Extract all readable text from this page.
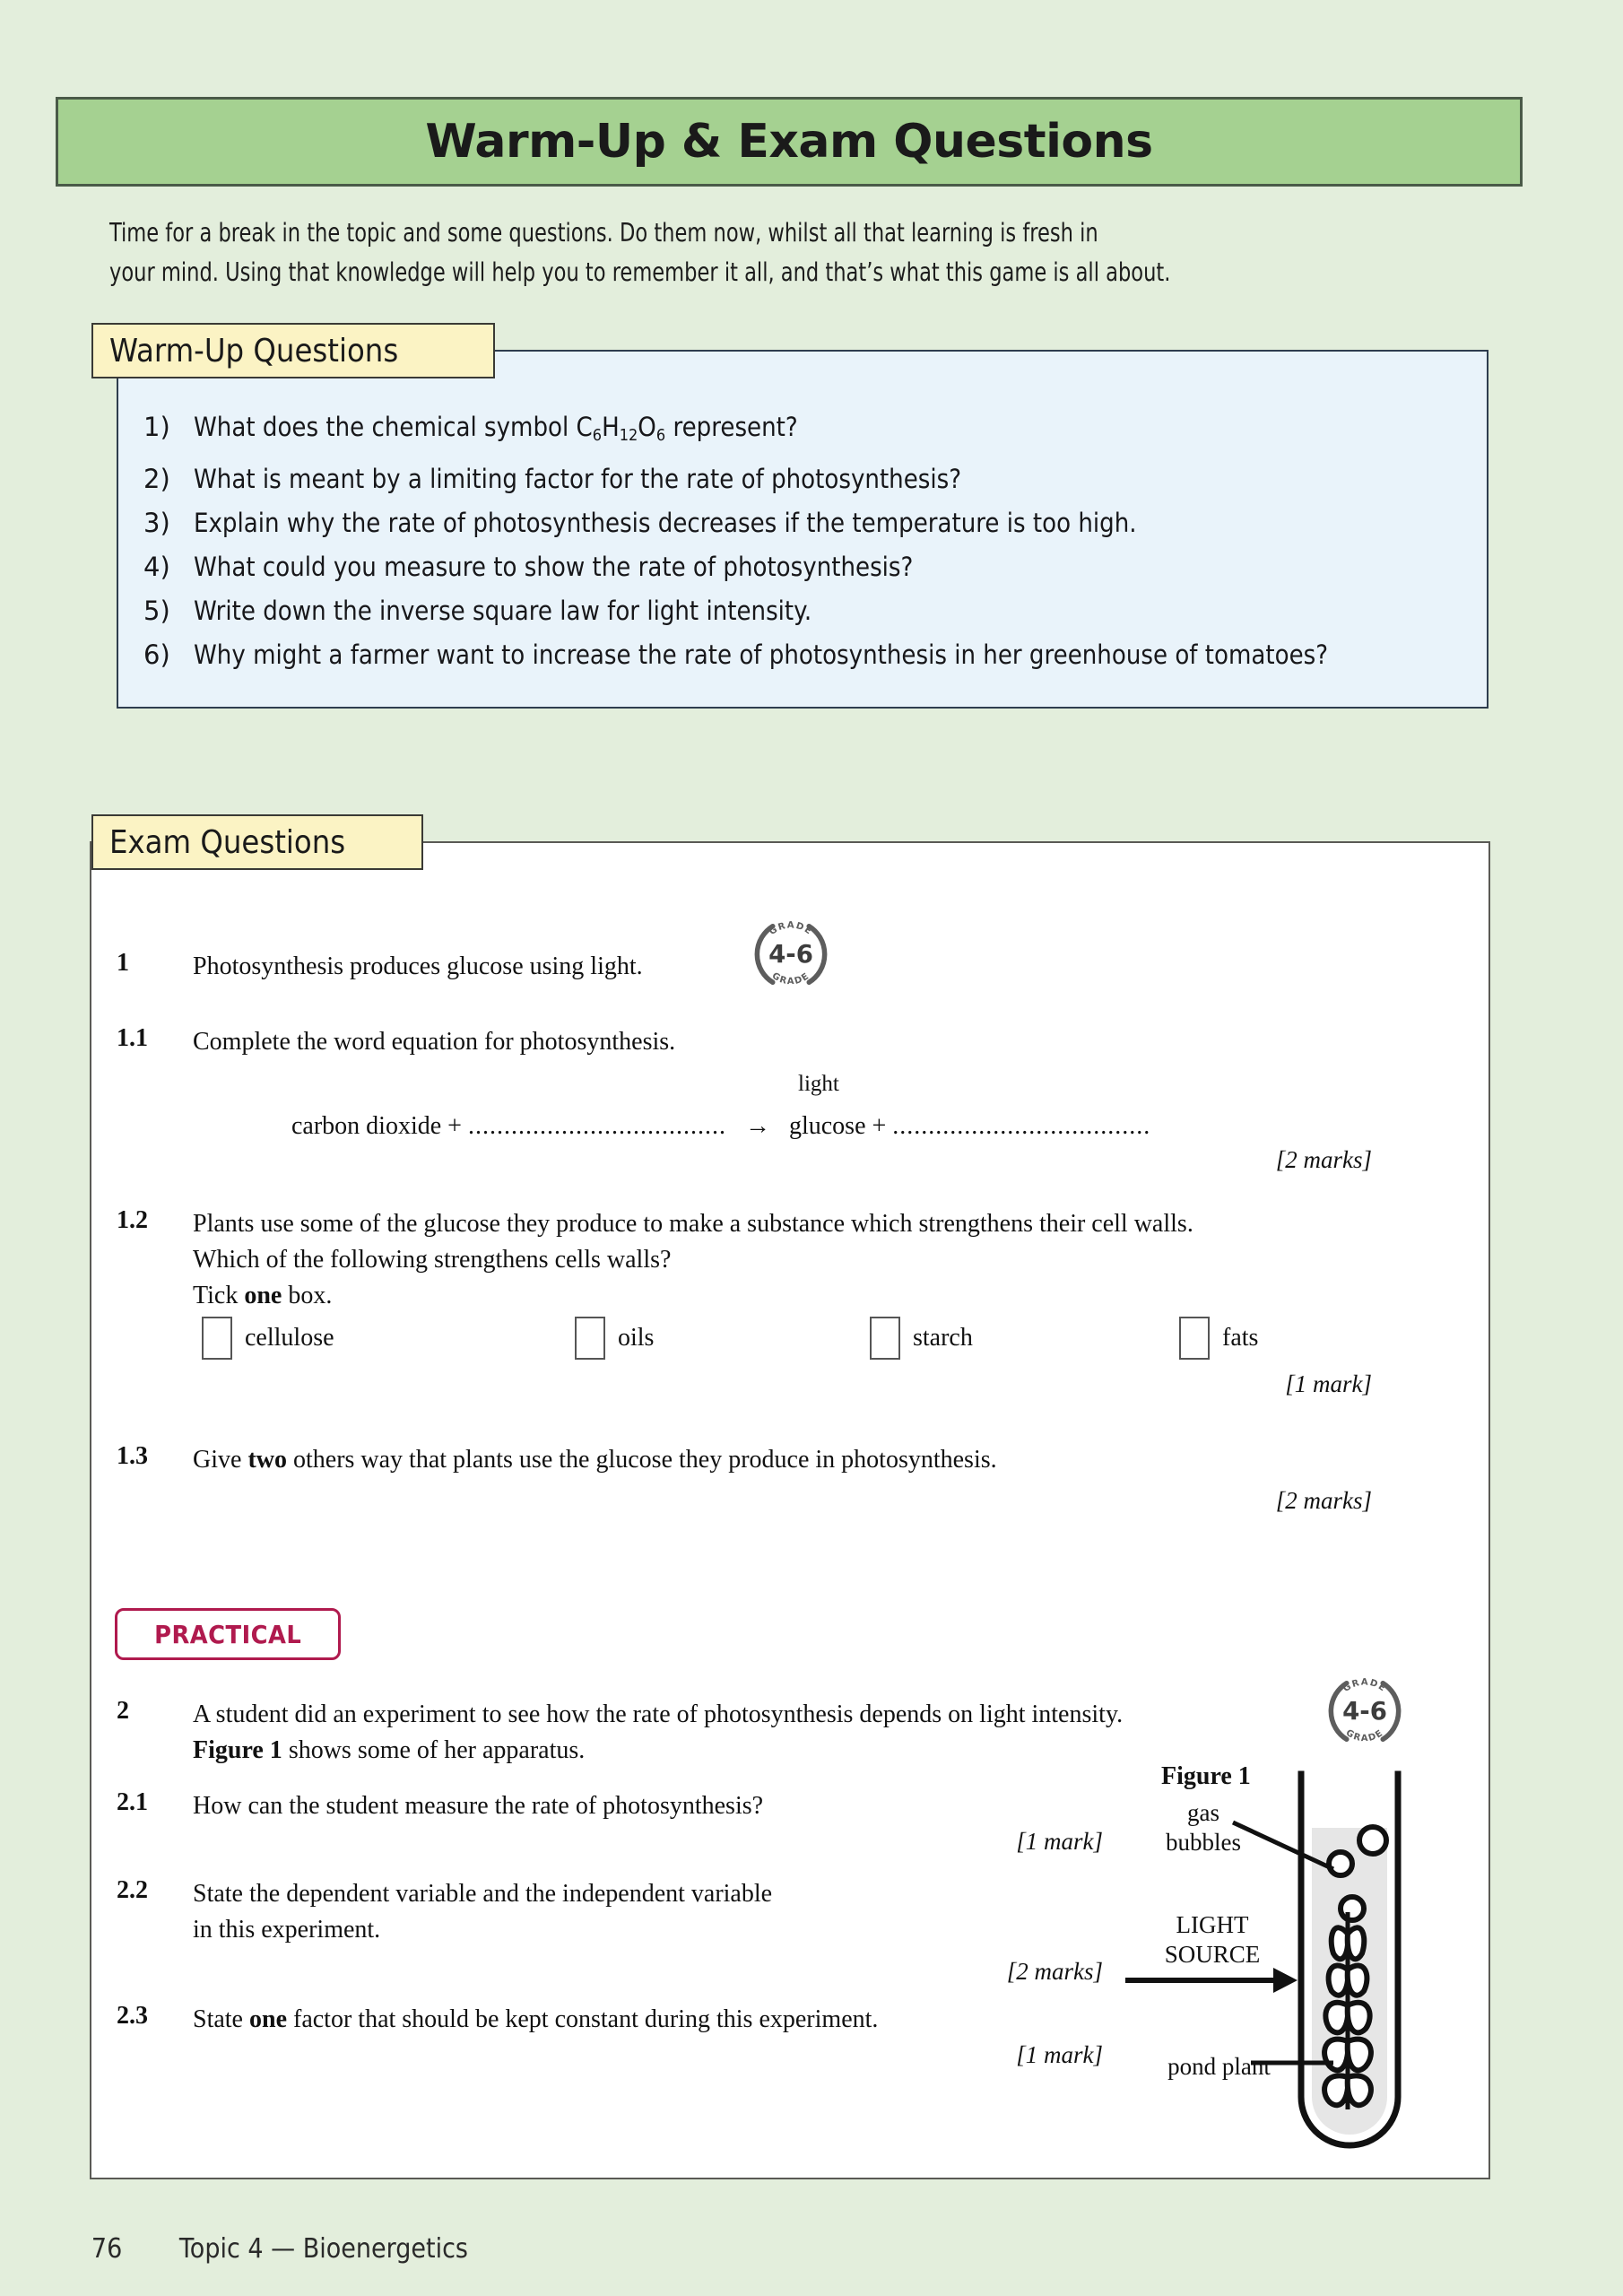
Warm-Up & Exam Questions
Time for a break in the topic and some questions. Do them now, whilst all that learning is fresh in
your mind. Using that knowledge will help you to remember it all, and that’s what this game is all about.
Warm-Up Questions
1) What does the chemical symbol $C_6H_{12}O_6$ represent?
2) What is meant by a limiting factor for the rate of photosynthesis?
3) Explain why the rate of photosynthesis decreases if the temperature is too high.
4) What could you measure to show the rate of photosynthesis?
5) Write down the inverse square law for light intensity.
6) Why might a farmer want to increase the rate of photosynthesis in her greenhouse of tomatoes?
Exam Questions
1	Photosynthesis produces glucose using light.
GRADE
GRADE
4-6
1.1 Complete the word equation for photosynthesis.
light
carbon dioxide + .................................... → glucose + ....................................
[2 marks]
1.2 Plants use some of the glucose they produce to make a substance which strengthens their cell walls.
Which of the following strengthens cells walls?
Tick one box.
cellulose	oils	starch	fats
[1 mark]
1.3 Give two others way that plants use the glucose they produce in photosynthesis.
[2 marks]
PRACTICAL
2	A student did an experiment to see how the rate of photosynthesis depends on light intensity.
Figure 1 shows some of her apparatus.
GRADE
GRADE
4-6
2.1 How can the student measure the rate of photosynthesis?
[1 mark]
2.2 State the dependent variable and the independent variable
in this experiment.
[2 marks]
2.3 State one factor that should be kept constant during this experiment.
[1 mark]
Figure 1
gas
bubbles
LIGHT
SOURCE
pond plant
76 Topic 4 — Bioenergetics
